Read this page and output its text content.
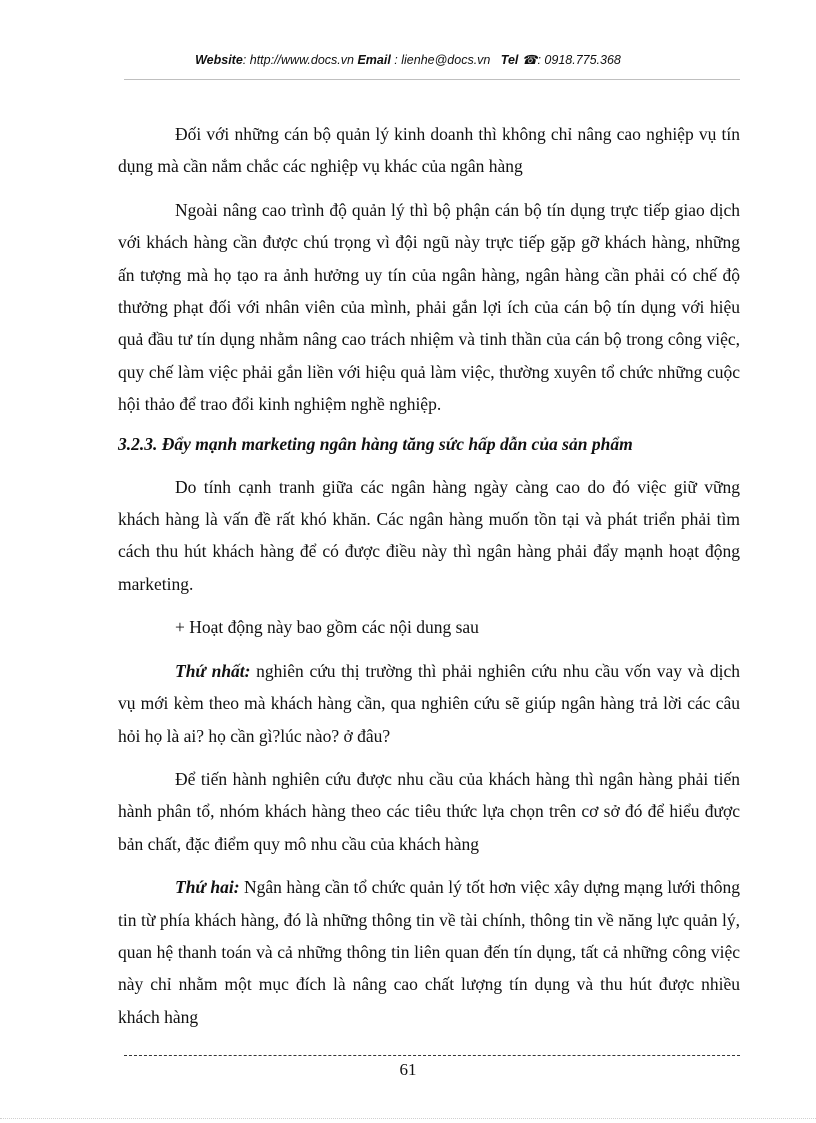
Website: http://www.docs.vn Email : lienhe@docs.vn Tel ☎: 0918.775.368

Đối với những cán bộ quản lý kinh doanh thì không chỉ nâng cao nghiệp vụ tín dụng mà cần nắm chắc các nghiệp vụ khác của ngân hàng

Ngoài nâng cao trình độ quản lý thì bộ phận cán bộ tín dụng trực tiếp giao dịch với khách hàng cần được chú trọng vì đội ngũ này trực tiếp gặp gỡ khách hàng, những ấn tượng mà họ tạo ra ảnh hưởng uy tín của ngân hàng, ngân hàng cần phải có chế độ thưởng phạt đối với nhân viên của mình, phải gắn lợi ích của cán bộ tín dụng với hiệu quả đầu tư tín dụng nhằm nâng cao trách nhiệm và tinh thần của cán bộ trong công việc, quy chế làm việc phải gắn liền với hiệu quả làm việc, thường xuyên tổ chức những cuộc hội thảo để trao đổi kinh nghiệm nghề nghiệp.

3.2.3. Đẩy mạnh marketing ngân hàng tăng sức hấp dẫn của sản phẩm

Do tính cạnh tranh giữa các ngân hàng ngày càng cao do đó việc giữ vững khách hàng là vấn đề rất khó khăn. Các ngân hàng muốn tồn tại và phát triển phải tìm cách thu hút khách hàng để có được điều này thì ngân hàng phải đẩy mạnh hoạt động marketing.

+ Hoạt động này bao gồm các nội dung sau

Thứ nhất: nghiên cứu thị trường thì phải nghiên cứu nhu cầu vốn vay và dịch vụ mới kèm theo mà khách hàng cần, qua nghiên cứu sẽ giúp ngân hàng trả lời các câu hỏi họ là ai? họ cần gì?lúc nào? ở đâu?

Để tiến hành nghiên cứu được nhu cầu của khách hàng thì ngân hàng phải tiến hành phân tổ, nhóm khách hàng theo các tiêu thức lựa chọn trên cơ sở đó để hiểu được bản chất, đặc điểm quy mô nhu cầu của khách hàng

Thứ hai: Ngân hàng cần tổ chức quản lý tốt hơn việc xây dựng mạng lưới thông tin từ phía khách hàng, đó là những thông tin về tài chính, thông tin về năng lực quản lý, quan hệ thanh toán và cả những thông tin liên quan đến tín dụng, tất cả những công việc này chỉ nhằm một mục đích là nâng cao chất lượng tín dụng và thu hút được nhiều khách hàng

61
